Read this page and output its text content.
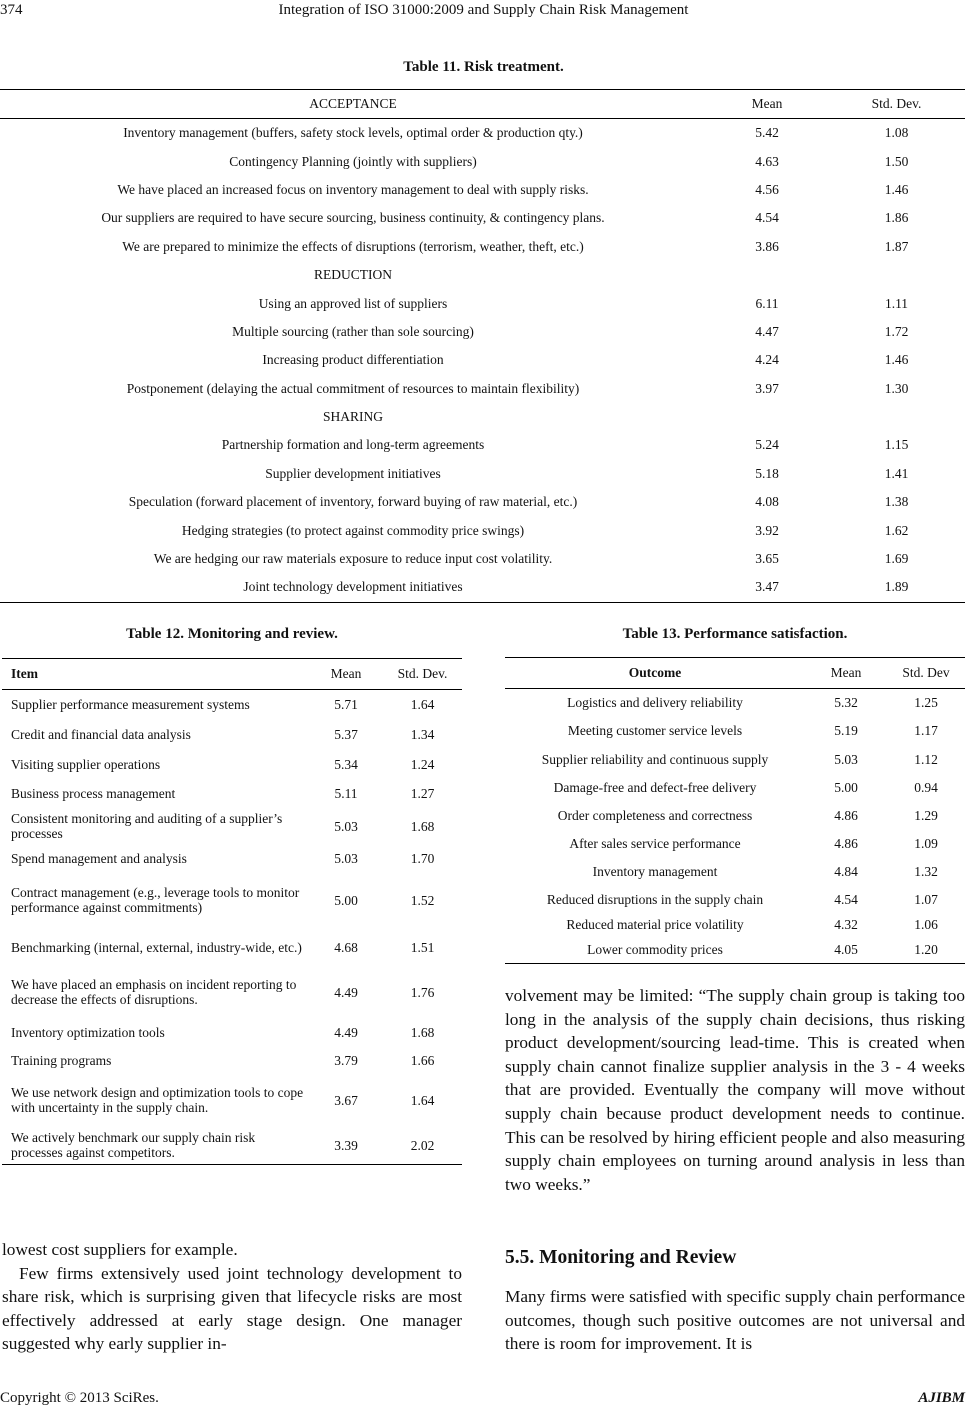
374	Integration of ISO 31000:2009 and Supply Chain Risk Management
Table 11. Risk treatment.
ACCEPTANCE	Mean	Std. Dev.
Inventory management (buffers, safety stock levels, optimal order & production qty.)	5.42	1.08
Contingency Planning (jointly with suppliers)	4.63	1.50
We have placed an increased focus on inventory management to deal with supply risks.	4.56	1.46
Our suppliers are required to have secure sourcing, business continuity, & contingency plans.	4.54	1.86
We are prepared to minimize the effects of disruptions (terrorism, weather, theft, etc.)	3.86	1.87
REDUCTION		
Using an approved list of suppliers	6.11	1.11
Multiple sourcing (rather than sole sourcing)	4.47	1.72
Increasing product differentiation	4.24	1.46
Postponement (delaying the actual commitment of resources to maintain flexibility)	3.97	1.30
SHARING		
Partnership formation and long-term agreements	5.24	1.15
Supplier development initiatives	5.18	1.41
Speculation (forward placement of inventory, forward buying of raw material, etc.)	4.08	1.38
Hedging strategies (to protect against commodity price swings)	3.92	1.62
We are hedging our raw materials exposure to reduce input cost volatility.	3.65	1.69
Joint technology development initiatives	3.47	1.89
Table 12. Monitoring and review.
Item	Mean	Std. Dev.
Supplier performance measurement systems	5.71	1.64
Credit and financial data analysis	5.37	1.34
Visiting supplier operations	5.34	1.24
Business process management	5.11	1.27
Consistent monitoring and auditing of a supplier’s processes	5.03	1.68
Spend management and analysis	5.03	1.70
Contract management (e.g., leverage tools to monitor performance against commitments)	5.00	1.52
Benchmarking (internal, external, industry-wide, etc.)	4.68	1.51
We have placed an emphasis on incident reporting to decrease the effects of disruptions.	4.49	1.76
Inventory optimization tools	4.49	1.68
Training programs	3.79	1.66
We use network design and optimization tools to cope with uncertainty in the supply chain.	3.67	1.64
We actively benchmark our supply chain risk processes against competitors.	3.39	2.02
Table 13. Performance satisfaction.
Outcome	Mean	Std. Dev
Logistics and delivery reliability	5.32	1.25
Meeting customer service levels	5.19	1.17
Supplier reliability and continuous supply	5.03	1.12
Damage-free and defect-free delivery	5.00	0.94
Order completeness and correctness	4.86	1.29
After sales service performance	4.86	1.09
Inventory management	4.84	1.32
Reduced disruptions in the supply chain	4.54	1.07
Reduced material price volatility	4.32	1.06
Lower commodity prices	4.05	1.20

lowest cost suppliers for example.

Few firms extensively used joint technology development to share risk, which is surprising given that lifecycle risks are most effectively addressed at early stage design. One manager suggested why early supplier in-

volvement may be limited: “The supply chain group is taking too long in the analysis of the supply chain decisions, thus risking product development/sourcing lead-time. This is created when supply chain cannot finalize supplier analysis in the 3 - 4 weeks that are provided. Eventually the company will move without supply chain because product development needs to continue. This can be resolved by hiring efficient people and also measuring supply chain employees on turning around analysis in less than two weeks.”

5.5. Monitoring and Review

Many firms were satisfied with specific supply chain performance outcomes, though such positive outcomes are not universal and there is room for improvement. It is

Copyright © 2013 SciRes.	AJIBM
